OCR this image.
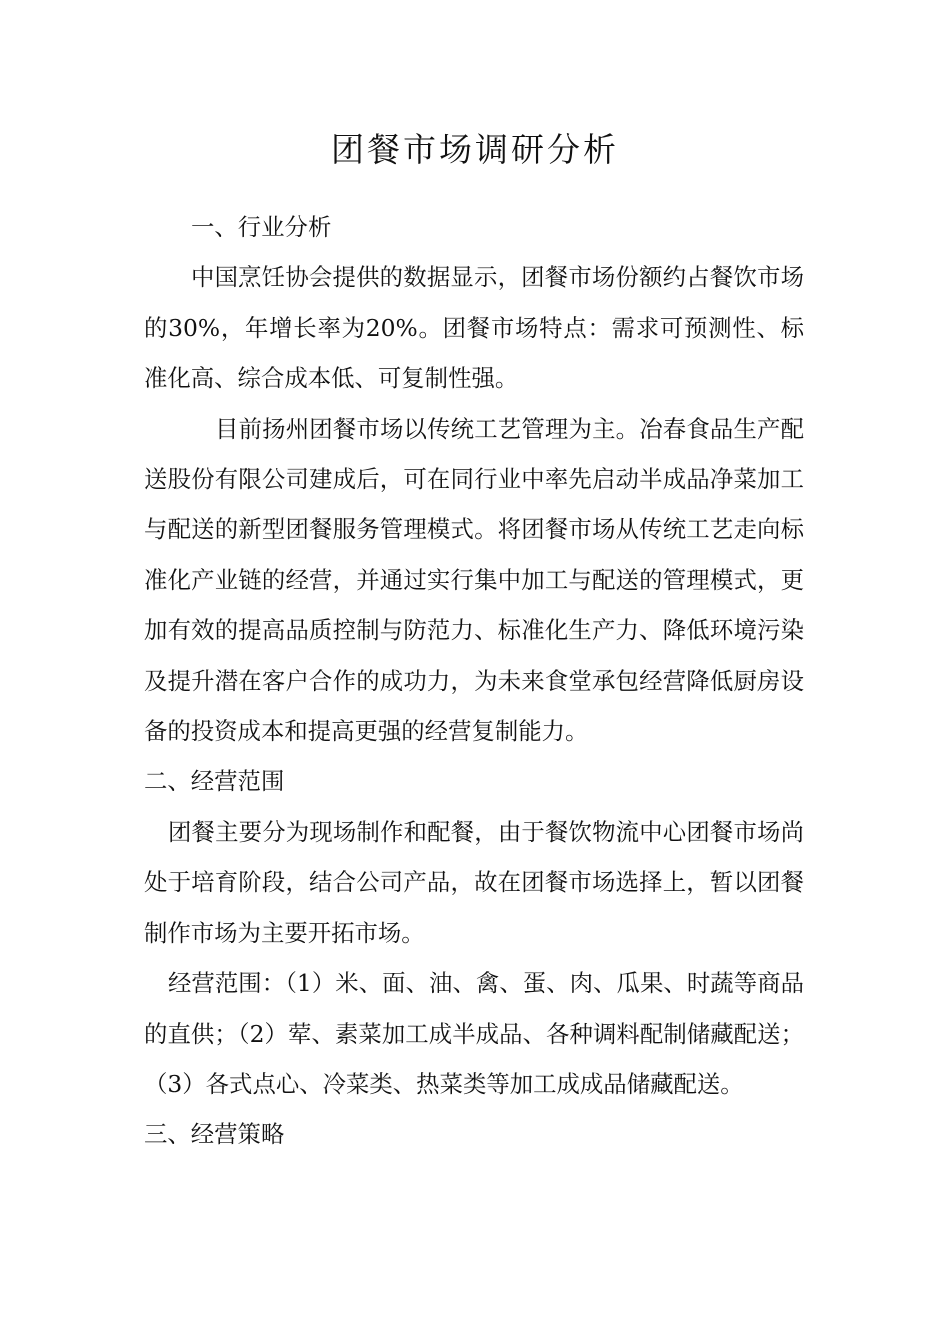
团餐市场调研分析

一、行业分析

中国烹饪协会提供的数据显示，团餐市场份额约占餐饮市场的30%，年增长率为20%。团餐市场特点：需求可预测性、标准化高、综合成本低、可复制性强。

目前扬州团餐市场以传统工艺管理为主。冶春食品生产配送股份有限公司建成后，可在同行业中率先启动半成品净菜加工与配送的新型团餐服务管理模式。将团餐市场从传统工艺走向标准化产业链的经营，并通过实行集中加工与配送的管理模式，更加有效的提高品质控制与防范力、标准化生产力、降低环境污染及提升潜在客户合作的成功力，为未来食堂承包经营降低厨房设备的投资成本和提高更强的经营复制能力。

二、经营范围

团餐主要分为现场制作和配餐，由于餐饮物流中心团餐市场尚处于培育阶段，结合公司产品，故在团餐市场选择上，暂以团餐制作市场为主要开拓市场。

经营范围：（1）米、面、油、禽、蛋、肉、瓜果、时蔬等商品的直供；（2）荤、素菜加工成半成品、各种调料配制储藏配送；（3）各式点心、冷菜类、热菜类等加工成成品储藏配送。

三、经营策略
